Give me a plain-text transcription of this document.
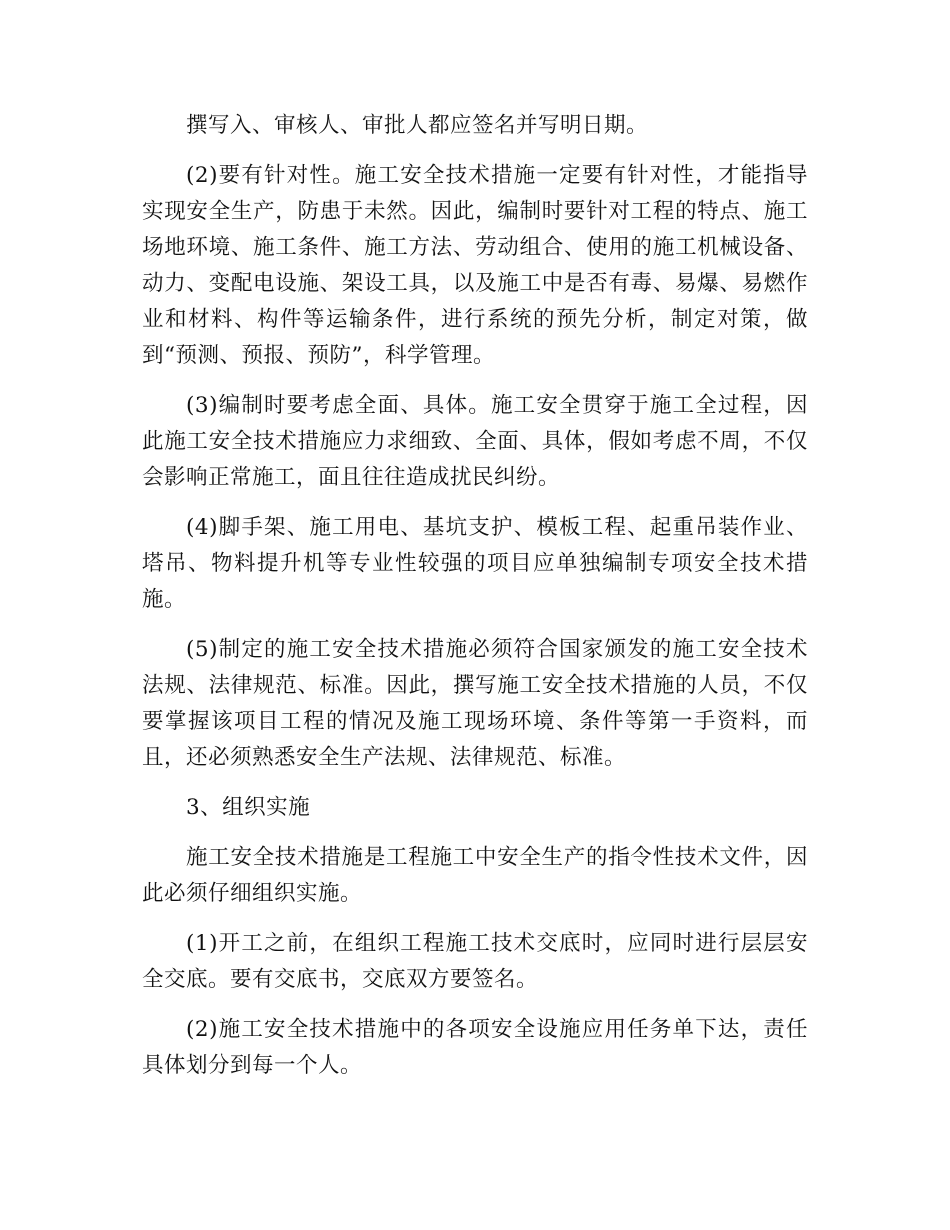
撰写入、审核人、审批人都应签名并写明日期。

(2)要有针对性。施工安全技术措施一定要有针对性，才能指导实现安全生产，防患于未然。因此，编制时要针对工程的特点、施工场地环境、施工条件、施工方法、劳动组合、使用的施工机械设备、动力、变配电设施、架设工具，以及施工中是否有毒、易爆、易燃作业和材料、构件等运输条件，进行系统的预先分析，制定对策，做到“预测、预报、预防”，科学管理。

(3)编制时要考虑全面、具体。施工安全贯穿于施工全过程，因此施工安全技术措施应力求细致、全面、具体，假如考虑不周，不仅会影响正常施工，面且往往造成扰民纠纷。

(4)脚手架、施工用电、基坑支护、模板工程、起重吊装作业、塔吊、物料提升机等专业性较强的项目应单独编制专项安全技术措施。

(5)制定的施工安全技术措施必须符合国家颁发的施工安全技术法规、法律规范、标准。因此，撰写施工安全技术措施的人员，不仅要掌握该项目工程的情况及施工现场环境、条件等第一手资料，而且，还必须熟悉安全生产法规、法律规范、标准。

3、组织实施

施工安全技术措施是工程施工中安全生产的指令性技术文件，因此必须仔细组织实施。

(1)开工之前，在组织工程施工技术交底时，应同时进行层层安全交底。要有交底书，交底双方要签名。

(2)施工安全技术措施中的各项安全设施应用任务单下达，责任具体划分到每一个人。
